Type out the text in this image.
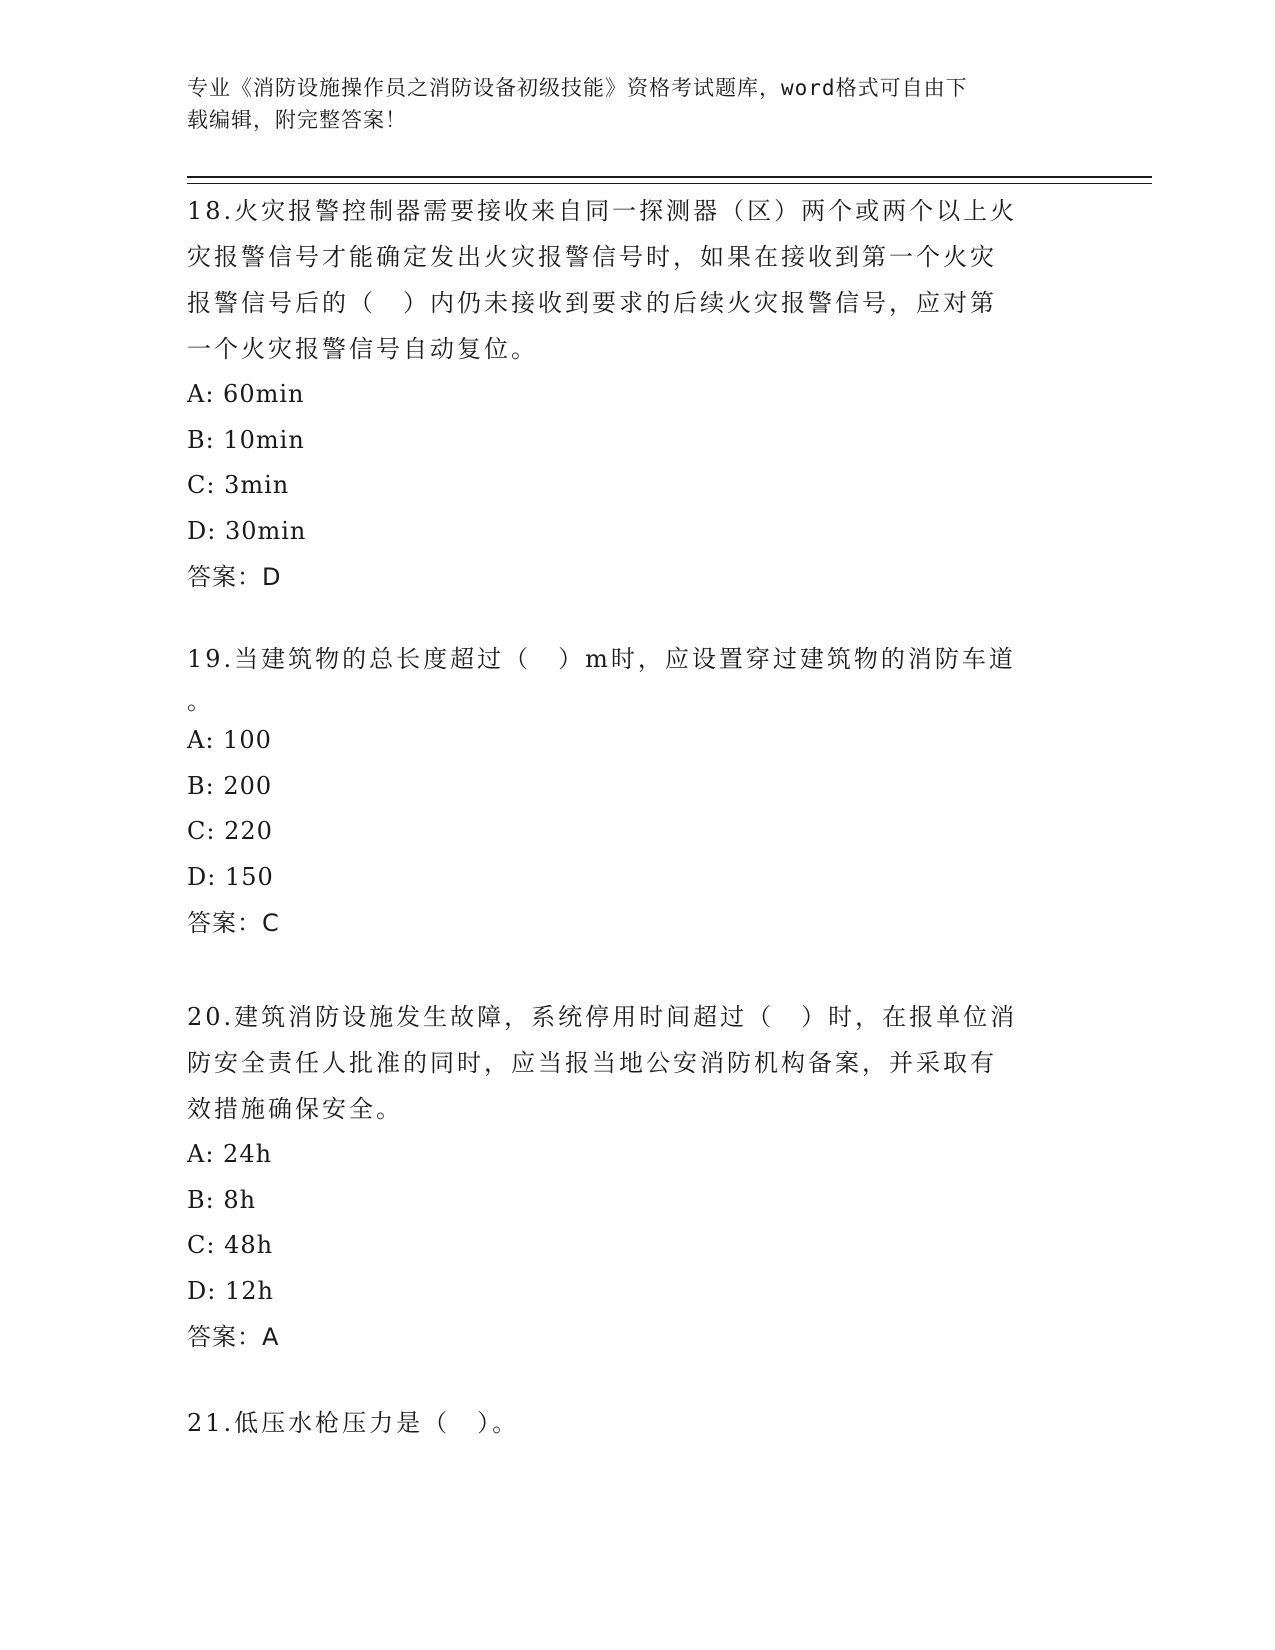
专业《消防设施操作员之消防设备初级技能》资格考试题库，word格式可自由下
载编辑，附完整答案！

18.火灾报警控制器需要接收来自同一探测器（区）两个或两个以上火

灾报警信号才能确定发出火灾报警信号时，如果在接收到第一个火灾

报警信号后的（　）内仍未接收到要求的后续火灾报警信号，应对第

一个火灾报警信号自动复位。

A: 60min

B: 10min

C: 3min

D: 30min

答案：D

19.当建筑物的总长度超过（　）m时，应设置穿过建筑物的消防车道

。

A: 100

B: 200

C: 220

D: 150

答案：C

20.建筑消防设施发生故障，系统停用时间超过（　）时，在报单位消

防安全责任人批准的同时，应当报当地公安消防机构备案，并采取有

效措施确保安全。

A: 24h

B: 8h

C: 48h

D: 12h

答案：A

21.低压水枪压力是（　）。
